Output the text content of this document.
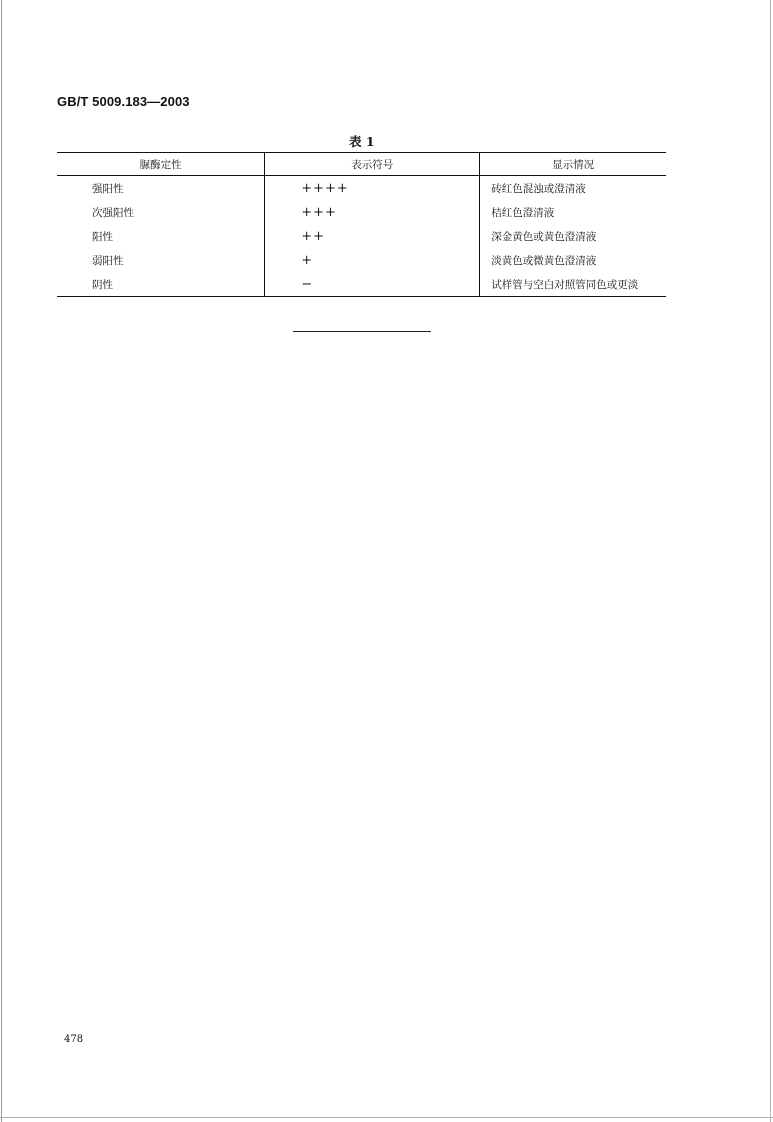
GB/T 5009.183—2003
表 1
脲酶定性	表示符号	显示情况
强阳性	++++	砖红色混浊或澄清液
次强阳性	+++	桔红色澄清液
阳性	++	深金黄色或黄色澄清液
弱阳性	+	淡黄色或微黄色澄清液
阴性	−	试样管与空白对照管同色或更淡
478
